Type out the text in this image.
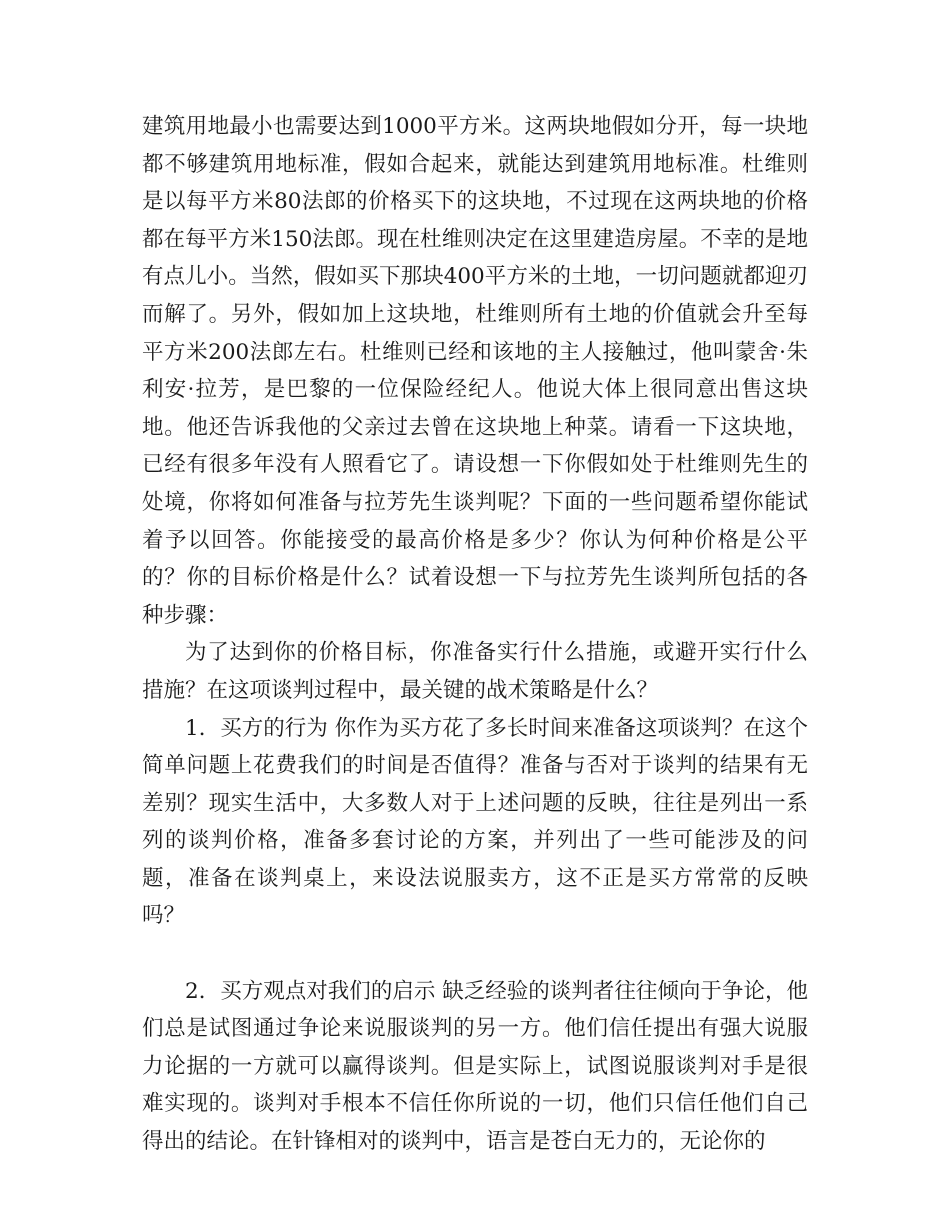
建筑用地最小也需要达到1000平方米。这两块地假如分开，每一块地都不够建筑用地标准，假如合起来，就能达到建筑用地标准。杜维则是以每平方米80法郎的价格买下的这块地，不过现在这两块地的价格都在每平方米150法郎。现在杜维则决定在这里建造房屋。不幸的是地有点儿小。当然，假如买下那块400平方米的土地，一切问题就都迎刃而解了。另外，假如加上这块地，杜维则所有土地的价值就会升至每平方米200法郎左右。杜维则已经和该地的主人接触过，他叫蒙舍·朱利安·拉芳，是巴黎的一位保险经纪人。他说大体上很同意出售这块地。他还告诉我他的父亲过去曾在这块地上种菜。请看一下这块地，已经有很多年没有人照看它了。请设想一下你假如处于杜维则先生的处境，你将如何准备与拉芳先生谈判呢？下面的一些问题希望你能试着予以回答。你能接受的最高价格是多少？你认为何种价格是公平的？你的目标价格是什么？试着设想一下与拉芳先生谈判所包括的各种步骤：

为了达到你的价格目标，你准备实行什么措施，或避开实行什么措施？在这项谈判过程中，最关键的战术策略是什么？

1．买方的行为 你作为买方花了多长时间来准备这项谈判？在这个简单问题上花费我们的时间是否值得？准备与否对于谈判的结果有无差别？现实生活中，大多数人对于上述问题的反映，往往是列出一系列的谈判价格，准备多套讨论的方案，并列出了一些可能涉及的问题，准备在谈判桌上，来设法说服卖方，这不正是买方常常的反映吗？

2．买方观点对我们的启示 缺乏经验的谈判者往往倾向于争论，他们总是试图通过争论来说服谈判的另一方。他们信任提出有强大说服力论据的一方就可以赢得谈判。但是实际上，试图说服谈判对手是很难实现的。谈判对手根本不信任你所说的一切，他们只信任他们自己得出的结论。在针锋相对的谈判中，语言是苍白无力的，无论你的
